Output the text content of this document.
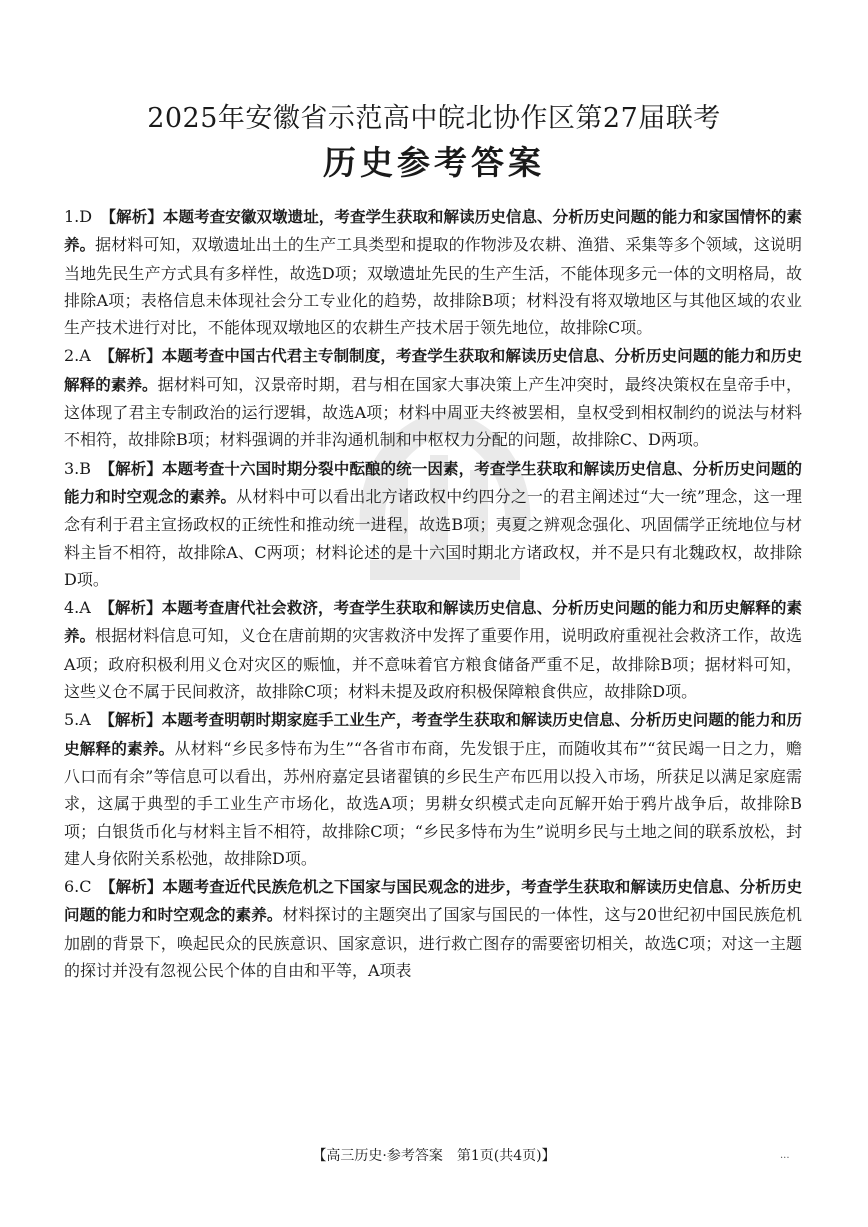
2025年安徽省示范高中皖北协作区第27届联考
历史参考答案

1.D　 【解析】本题考查安徽双墩遗址，考查学生获取和解读历史信息、分析历史问题的能力和家国情怀的素养。据材料可知，双墩遗址出土的生产工具类型和提取的作物涉及农耕、渔猎、采集等多个领域，这说明当地先民生产方式具有多样性，故选D项；双墩遗址先民的生产生活，不能体现多元一体的文明格局，故排除A项；表格信息未体现社会分工专业化的趋势，故排除B项；材料没有将双墩地区与其他区域的农业生产技术进行对比，不能体现双墩地区的农耕生产技术居于领先地位，故排除C项。

2.A　 【解析】本题考查中国古代君主专制制度，考查学生获取和解读历史信息、分析历史问题的能力和历史解释的素养。据材料可知，汉景帝时期，君与相在国家大事决策上产生冲突时，最终决策权在皇帝手中，这体现了君主专制政治的运行逻辑，故选A项；材料中周亚夫终被罢相，皇权受到相权制约的说法与材料不相符，故排除B项；材料强调的并非沟通机制和中枢权力分配的问题，故排除C、D两项。

3.B　 【解析】本题考查十六国时期分裂中酝酿的统一因素，考查学生获取和解读历史信息、分析历史问题的能力和时空观念的素养。从材料中可以看出北方诸政权中约四分之一的君主阐述过“大一统”理念，这一理念有利于君主宣扬政权的正统性和推动统一进程，故选B项；夷夏之辨观念强化、巩固儒学正统地位与材料主旨不相符，故排除A、C两项；材料论述的是十六国时期北方诸政权，并不是只有北魏政权，故排除D项。

4.A　 【解析】本题考查唐代社会救济，考查学生获取和解读历史信息、分析历史问题的能力和历史解释的素养。根据材料信息可知，义仓在唐前期的灾害救济中发挥了重要作用，说明政府重视社会救济工作，故选A项；政府积极利用义仓对灾区的赈恤，并不意味着官方粮食储备严重不足，故排除B项；据材料可知，这些义仓不属于民间救济，故排除C项；材料未提及政府积极保障粮食供应，故排除D项。

5.A　 【解析】本题考查明朝时期家庭手工业生产，考查学生获取和解读历史信息、分析历史问题的能力和历史解释的素养。从材料“乡民多恃布为生”“各省市布商，先发银于庄，而随收其布”“贫民竭一日之力，赡八口而有余”等信息可以看出，苏州府嘉定县诸翟镇的乡民生产布匹用以投入市场，所获足以满足家庭需求，这属于典型的手工业生产市场化，故选A项；男耕女织模式走向瓦解开始于鸦片战争后，故排除B项；白银货币化与材料主旨不相符，故排除C项；“乡民多恃布为生”说明乡民与土地之间的联系放松，封建人身依附关系松弛，故排除D项。

6.C　 【解析】本题考查近代民族危机之下国家与国民观念的进步，考查学生获取和解读历史信息、分析历史问题的能力和时空观念的素养。材料探讨的主题突出了国家与国民的一体性，这与20世纪初中国民族危机加剧的背景下，唤起民众的民族意识、国家意识，进行救亡图存的需要密切相关，故选C项；对这一主题的探讨并没有忽视公民个体的自由和平等，A项表

【高三历史·参考答案　第1页(共4页)】	...
